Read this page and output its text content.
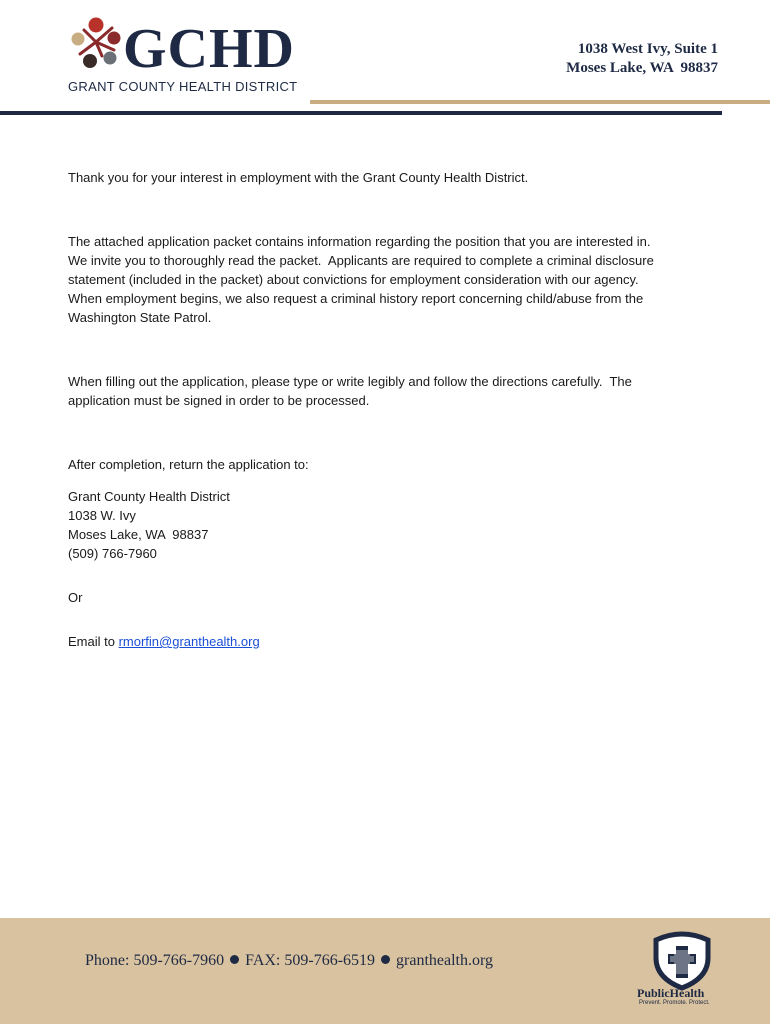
GCHD
GRANT COUNTY HEALTH DISTRICT
1038 West Ivy, Suite 1
Moses Lake, WA  98837

Thank you for your interest in employment with the Grant County Health District.

The attached application packet contains information regarding the position that you are interested in.

We invite you to thoroughly read the packet.  Applicants are required to complete a criminal disclosure

statement (included in the packet) about convictions for employment consideration with our agency.

When employment begins, we also request a criminal history report concerning child/abuse from the

Washington State Patrol.

When filling out the application, please type or write legibly and follow the directions carefully.  The

application must be signed in order to be processed.

After completion, return the application to:

Grant County Health District

1038 W. Ivy

Moses Lake, WA  98837

(509) 766-7960

Or

Email to rmorfin@granthealth.org

Phone: 509-766-7960 FAX: 509-766-6519 granthealth.org
PublicHealth
Prevent. Promote. Protect.
